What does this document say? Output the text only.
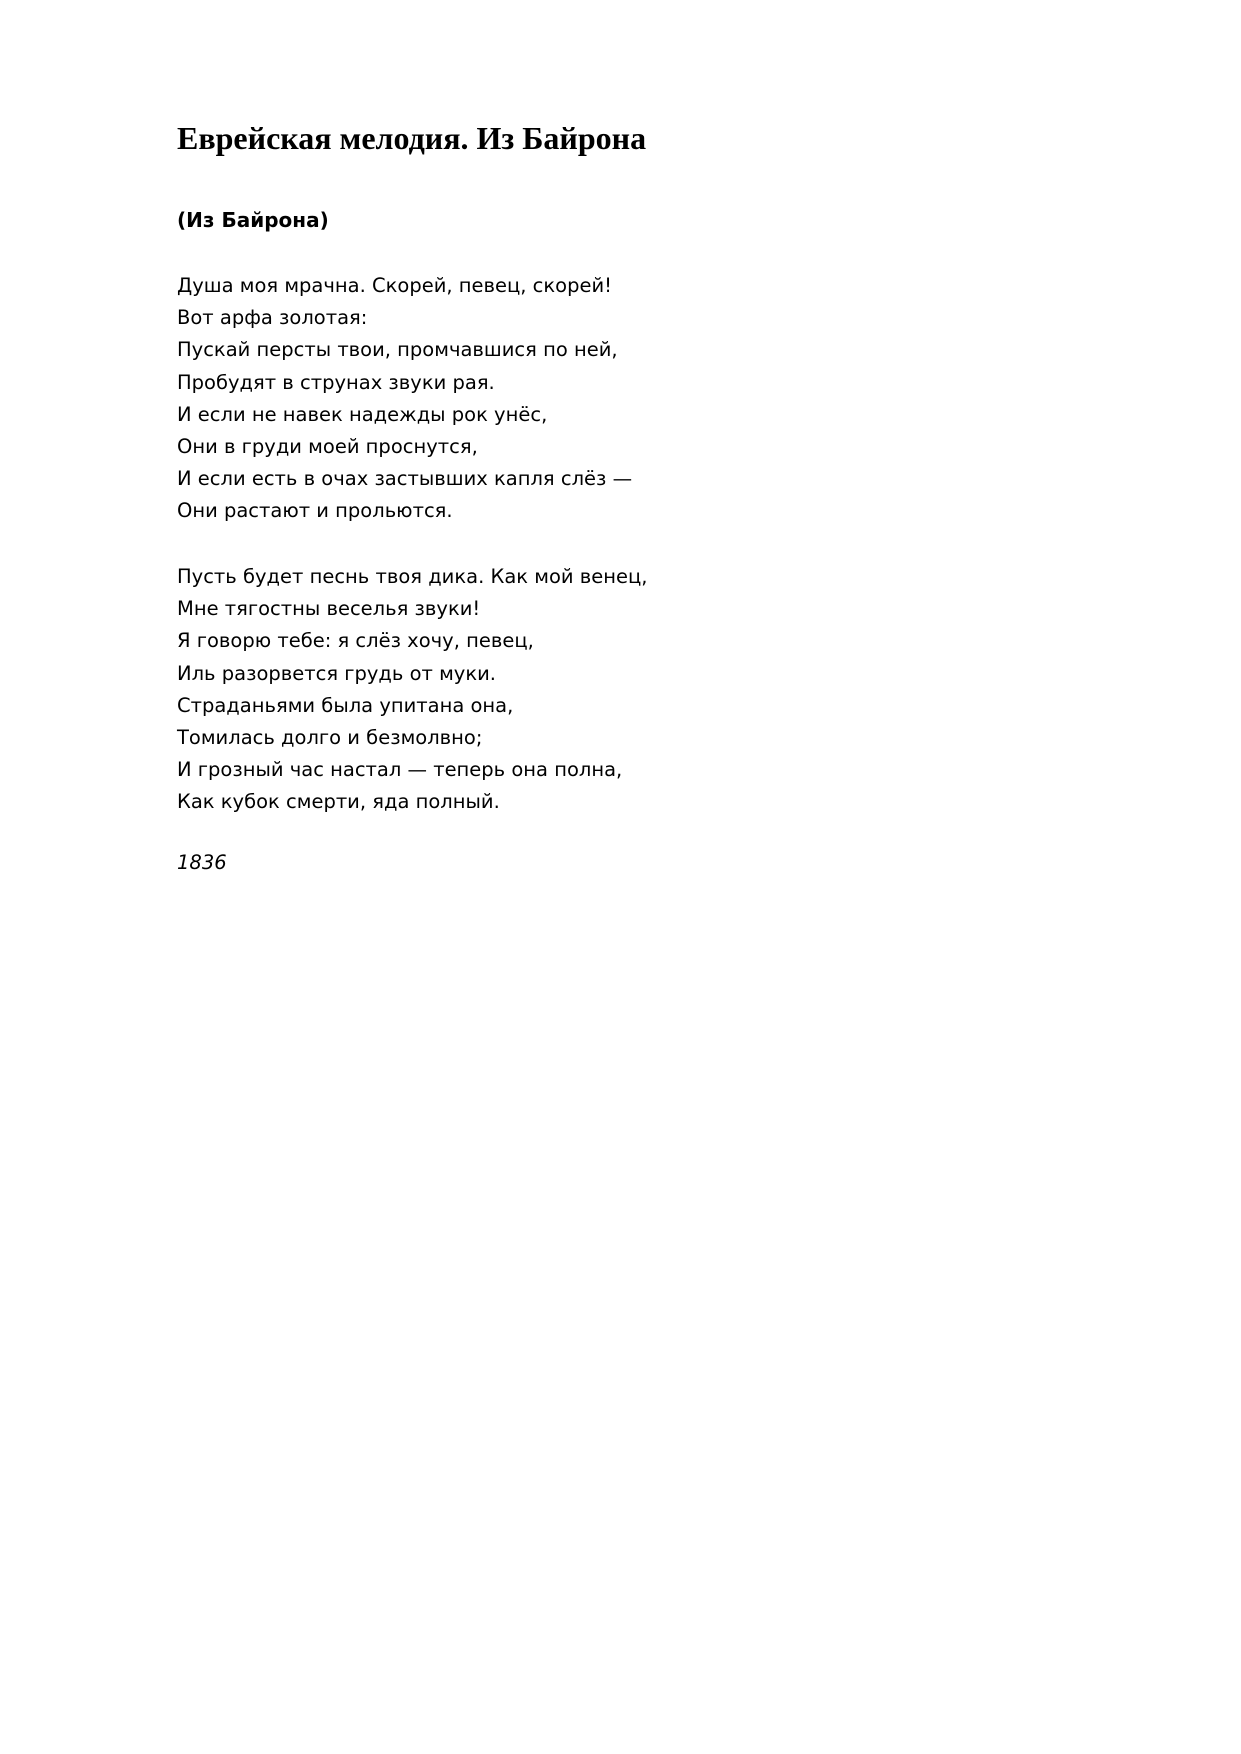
Еврейская мелодия. Из Байрона
(Из Байрона)
Душа моя мрачна. Скорей, певец, скорей!
Вот арфа золотая:
Пускай персты твои, промчавшися по ней,
Пробудят в струнах звуки рая.
И если не навек надежды рок унёс,
Они в груди моей проснутся,
И если есть в очах застывших капля слёз —
Они растают и прольются.
Пусть будет песнь твоя дика. Как мой венец,
Мне тягостны веселья звуки!
Я говорю тебе: я слёз хочу, певец,
Иль разорвется грудь от муки.
Страданьями была упитана она,
Томилась долго и безмолвно;
И грозный час настал — теперь она полна,
Как кубок смерти, яда полный.

1836
